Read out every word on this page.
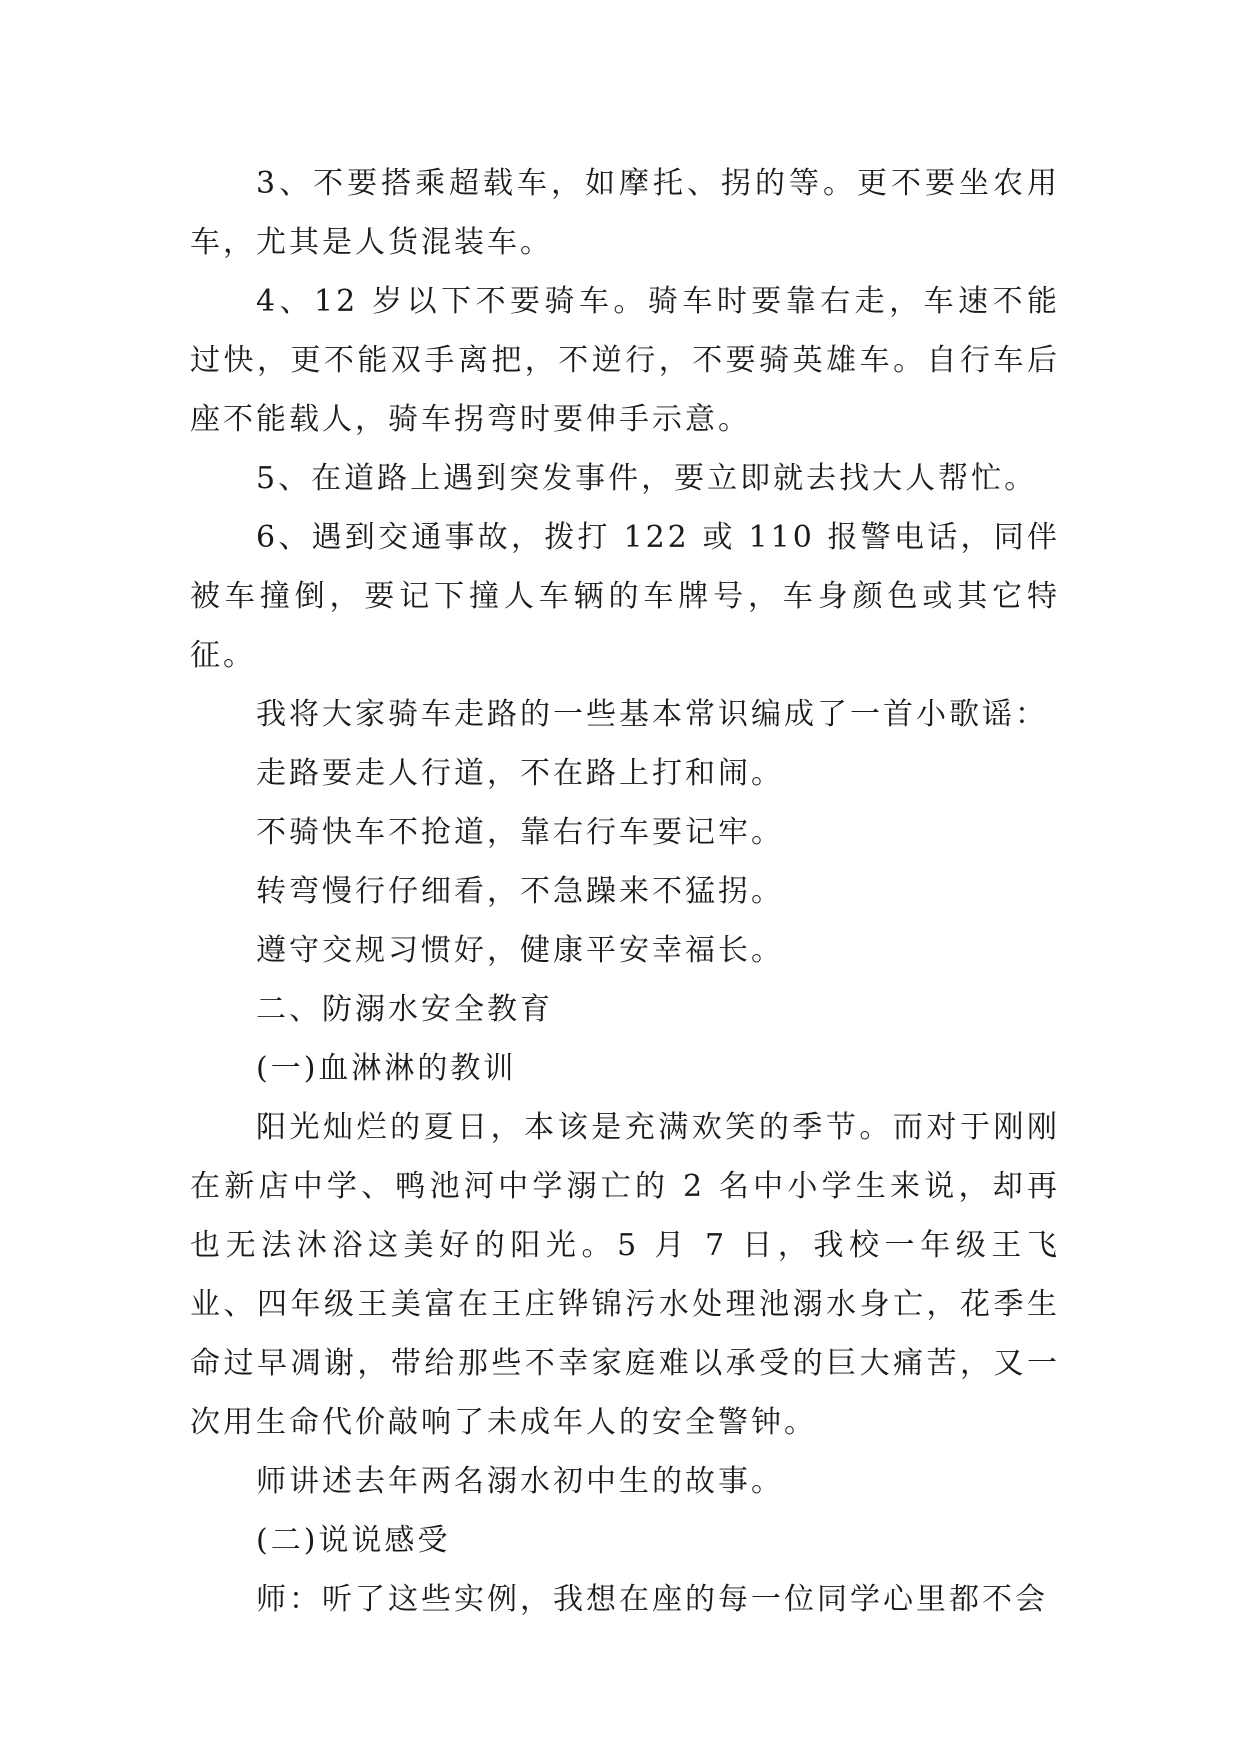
3、不要搭乘超载车，如摩托、拐的等。更不要坐农用车，尤其是人货混装车。

4、12 岁以下不要骑车。骑车时要靠右走，车速不能过快，更不能双手离把，不逆行，不要骑英雄车。自行车后座不能载人，骑车拐弯时要伸手示意。

5、在道路上遇到突发事件，要立即就去找大人帮忙。

6、遇到交通事故，拨打 122 或 110 报警电话，同伴被车撞倒，要记下撞人车辆的车牌号，车身颜色或其它特征。

我将大家骑车走路的一些基本常识编成了一首小歌谣：

走路要走人行道，不在路上打和闹。

不骑快车不抢道，靠右行车要记牢。

转弯慢行仔细看，不急躁来不猛拐。

遵守交规习惯好，健康平安幸福长。

二、防溺水安全教育

(一)血淋淋的教训

阳光灿烂的夏日，本该是充满欢笑的季节。而对于刚刚在新店中学、鸭池河中学溺亡的 2 名中小学生来说，却再也无法沐浴这美好的阳光。5 月 7 日，我校一年级王飞业、四年级王美富在王庄铧锦污水处理池溺水身亡，花季生命过早凋谢，带给那些不幸家庭难以承受的巨大痛苦，又一次用生命代价敲响了未成年人的安全警钟。

师讲述去年两名溺水初中生的故事。

(二)说说感受

师：听了这些实例，我想在座的每一位同学心里都不会
